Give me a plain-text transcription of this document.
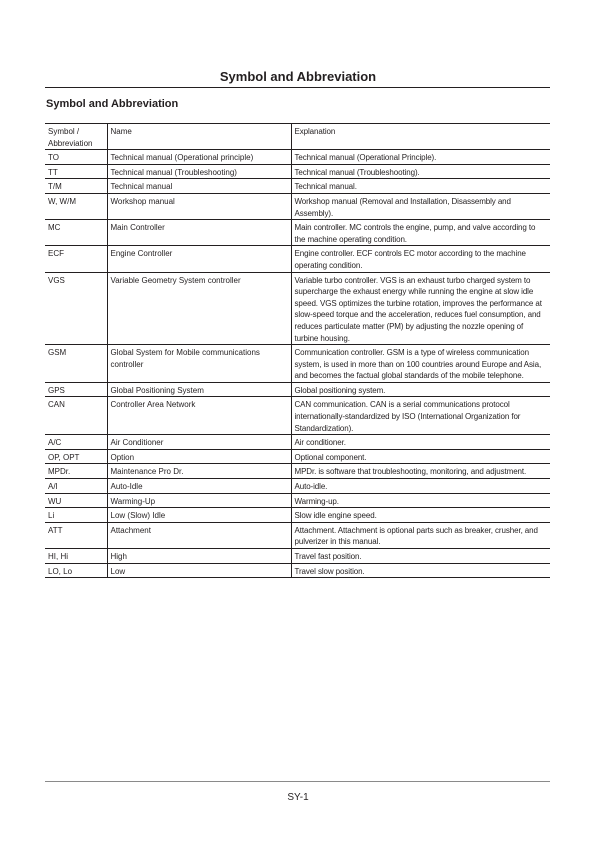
Symbol and Abbreviation
Symbol and Abbreviation
Symbol / Abbreviation	Name	Explanation
TO	Technical manual (Operational principle)	Technical manual (Operational Principle).
TT	Technical manual (Troubleshooting)	Technical manual (Troubleshooting).
T/M	Technical manual	Technical manual.
W, W/M	Workshop manual	Workshop manual (Removal and Installation, Disassembly and Assembly).
MC	Main Controller	Main controller. MC controls the engine, pump, and valve according to the machine operating condition.
ECF	Engine Controller	Engine controller. ECF controls EC motor according to the machine operating condition.
VGS	Variable Geometry System controller	Variable turbo controller. VGS is an exhaust turbo charged system to supercharge the exhaust energy while running the engine at slow idle speed. VGS optimizes the turbine rotation, improves the performance at slow-speed torque and the acceleration, reduces fuel consumption, and reduces particulate matter (PM) by adjusting the nozzle opening of turbine housing.
GSM	Global System for Mobile communications controller	Communication controller. GSM is a type of wireless communication system, is used in more than on 100 countries around Europe and Asia, and becomes the factual global standards of the mobile telephone.
GPS	Global Positioning System	Global positioning system.
CAN	Controller Area Network	CAN communication. CAN is a serial communications protocol internationally-standardized by ISO (International Organization for Standardization).
A/C	Air Conditioner	Air conditioner.
OP, OPT	Option	Optional component.
MPDr.	Maintenance Pro Dr.	MPDr. is software that troubleshooting, monitoring, and adjustment.
A/I	Auto-Idle	Auto-idle.
WU	Warming-Up	Warming-up.
Li	Low (Slow) Idle	Slow idle engine speed.
ATT	Attachment	Attachment. Attachment is optional parts such as breaker, crusher, and pulverizer in this manual.
HI, Hi	High	Travel fast position.
LO, Lo	Low	Travel slow position.
SY-1
